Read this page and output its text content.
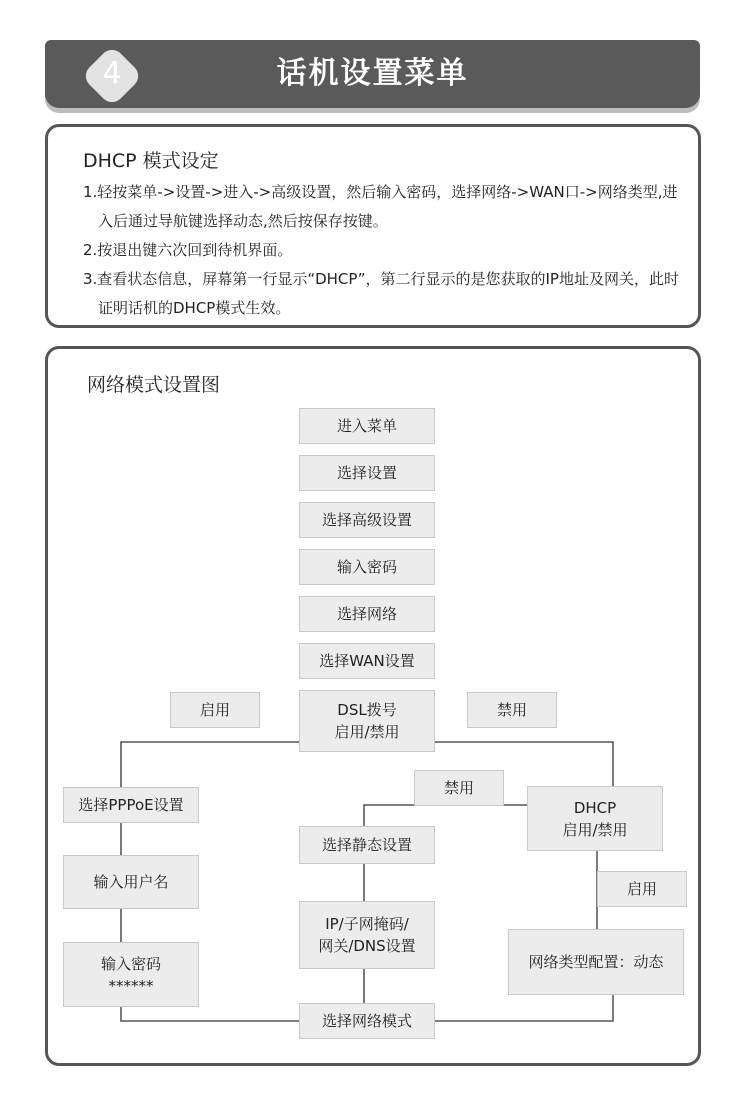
4	话机设置菜单
DHCP 模式设定
1.轻按菜单->设置->进入->高级设置，然后输入密码，选择网络->WAN口->网络类型,进入后通过导航键选择动态,然后按保存按键。
2.按退出键六次回到待机界面。
3.查看状态信息，屏幕第一行显示“DHCP”，第二行显示的是您获取的IP地址及网关，此时证明话机的DHCP模式生效。
网络模式设置图
进入菜单
选择设置
选择高级设置
输入密码
选择网络
选择WAN设置
DSL拨号
启用/禁用
启用	禁用
选择PPPoE设置
输入用户名
输入密码
******
禁用
DHCP
启用/禁用
选择静态设置
IP/子网掩码/
网关/DNS设置
启用
网络类型配置：动态
选择网络模式
